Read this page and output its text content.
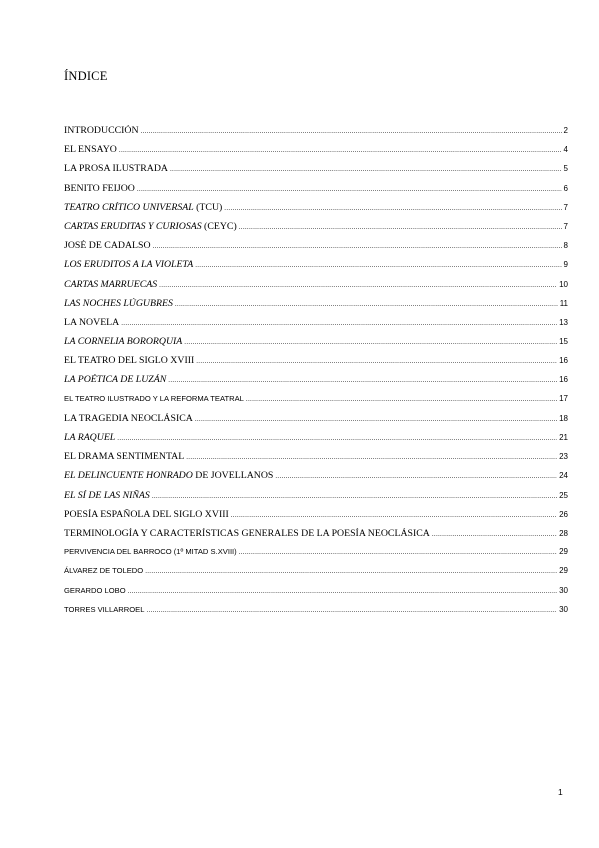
ÍNDICE
INTRODUCCIÓN .....	2
EL ENSAYO .....	4
LA PROSA ILUSTRADA .....	5
BENITO FEIJOO .....	6
TEATRO CRÍTICO UNIVERSAL (TCU) .....	7
CARTAS ERUDITAS Y CURIOSAS (CEYC) .....	7
JOSÉ DE CADALSO .....	8
LOS ERUDITOS A LA VIOLETA .....	9
CARTAS MARRUECAS .....	10
LAS NOCHES LÚGUBRES .....	11
LA NOVELA .....	13
LA CORNELIA BORORQUIA .....	15
EL TEATRO DEL SIGLO XVIII .....	16
LA POÉTICA DE LUZÁN .....	16
EL TEATRO ILUSTRADO Y LA REFORMA TEATRAL .....	17
LA TRAGEDIA NEOCLÁSICA .....	18
LA RAQUEL .....	21
EL DRAMA SENTIMENTAL .....	23
EL DELINCUENTE HONRADO DE JOVELLANOS .....	24
EL SÍ DE LAS NIÑAS .....	25
POESÍA ESPAÑOLA DEL SIGLO XVIII .....	26
TERMINOLOGÍA Y CARACTERÍSTICAS GENERALES DE LA POESÍA NEOCLÁSICA .....	28
PERVIVENCIA DEL BARROCO (1º MITAD S.XVIII) .....	29
ÁLVAREZ DE TOLEDO .....	29
GERARDO LOBO .....	30
TORRES VILLARROEL .....	30
1
